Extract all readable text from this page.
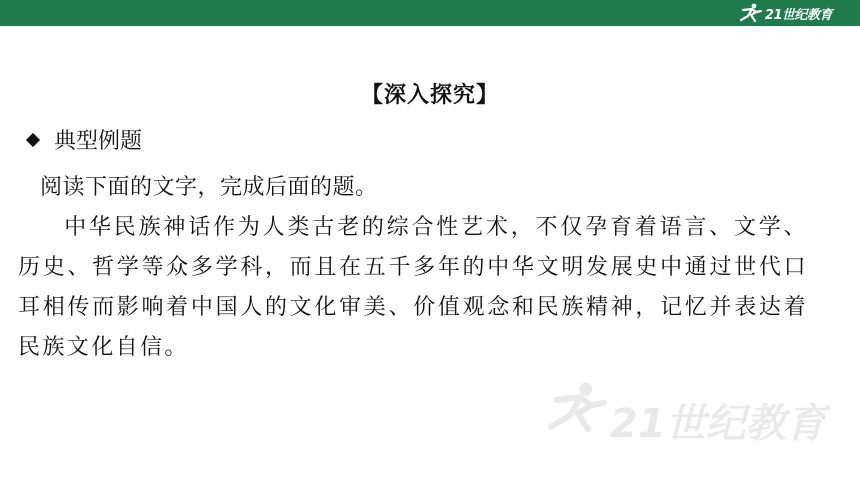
21世纪教育
【深入探究】
典型例题
阅读下面的文字，完成后面的题。
中华民族神话作为人类古老的综合性艺术，不仅孕育着语言、文学、历史、哲学等众多学科，而且在五千多年的中华文明发展史中通过世代口耳相传而影响着中国人的文化审美、价值观念和民族精神，记忆并表达着民族文化自信。
21世纪教育
